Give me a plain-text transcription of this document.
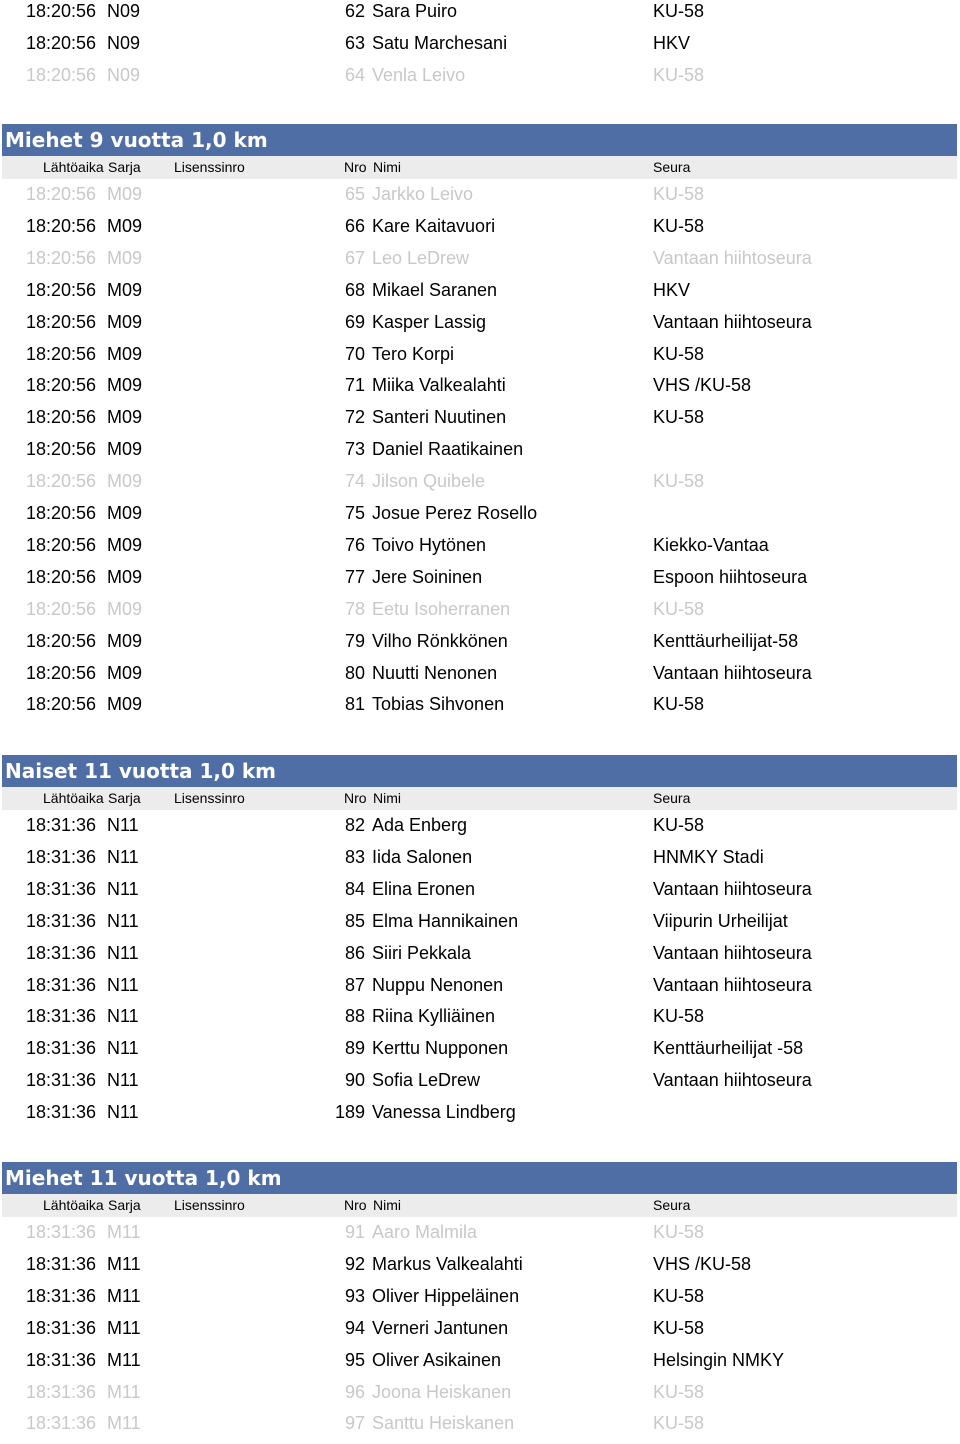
18:20:56 N09	62 Sara Puiro	KU-58
18:20:56 N09	63 Satu Marchesani	HKV
18:20:56 N09	64 Venla Leivo	KU-58
Miehet 9 vuotta 1,0 km
Lähtöaika Sarja Lisenssinro	Nro Nimi	Seura
18:20:56 M09	65 Jarkko Leivo	KU-58
18:20:56 M09	66 Kare Kaitavuori	KU-58
18:20:56 M09	67 Leo LeDrew	Vantaan hiihtoseura
18:20:56 M09	68 Mikael Saranen	HKV
18:20:56 M09	69 Kasper Lassig	Vantaan hiihtoseura
18:20:56 M09	70 Tero Korpi	KU-58
18:20:56 M09	71 Miika Valkealahti	VHS /KU-58
18:20:56 M09	72 Santeri Nuutinen	KU-58
18:20:56 M09	73 Daniel Raatikainen
18:20:56 M09	74 Jilson Quibele	KU-58
18:20:56 M09	75 Josue Perez Rosello
18:20:56 M09	76 Toivo Hytönen	Kiekko-Vantaa
18:20:56 M09	77 Jere Soininen	Espoon hiihtoseura
18:20:56 M09	78 Eetu Isoherranen	KU-58
18:20:56 M09	79 Vilho Rönkkönen	Kenttäurheilijat-58
18:20:56 M09	80 Nuutti Nenonen	Vantaan hiihtoseura
18:20:56 M09	81 Tobias Sihvonen	KU-58
Naiset 11 vuotta 1,0 km
Lähtöaika Sarja Lisenssinro	Nro Nimi	Seura
18:31:36 N11	82 Ada Enberg	KU-58
18:31:36 N11	83 Iida Salonen	HNMKY Stadi
18:31:36 N11	84 Elina Eronen	Vantaan hiihtoseura
18:31:36 N11	85 Elma Hannikainen	Viipurin Urheilijat
18:31:36 N11	86 Siiri Pekkala	Vantaan hiihtoseura
18:31:36 N11	87 Nuppu Nenonen	Vantaan hiihtoseura
18:31:36 N11	88 Riina Kylliäinen	KU-58
18:31:36 N11	89 Kerttu Nupponen	Kenttäurheilijat -58
18:31:36 N11	90 Sofia LeDrew	Vantaan hiihtoseura
18:31:36 N11	189 Vanessa Lindberg
Miehet 11 vuotta 1,0 km
Lähtöaika Sarja Lisenssinro	Nro Nimi	Seura
18:31:36 M11	91 Aaro Malmila	KU-58
18:31:36 M11	92 Markus Valkealahti	VHS /KU-58
18:31:36 M11	93 Oliver Hippeläinen	KU-58
18:31:36 M11	94 Verneri Jantunen	KU-58
18:31:36 M11	95 Oliver Asikainen	Helsingin NMKY
18:31:36 M11	96 Joona Heiskanen	KU-58
18:31:36 M11	97 Santtu Heiskanen	KU-58
